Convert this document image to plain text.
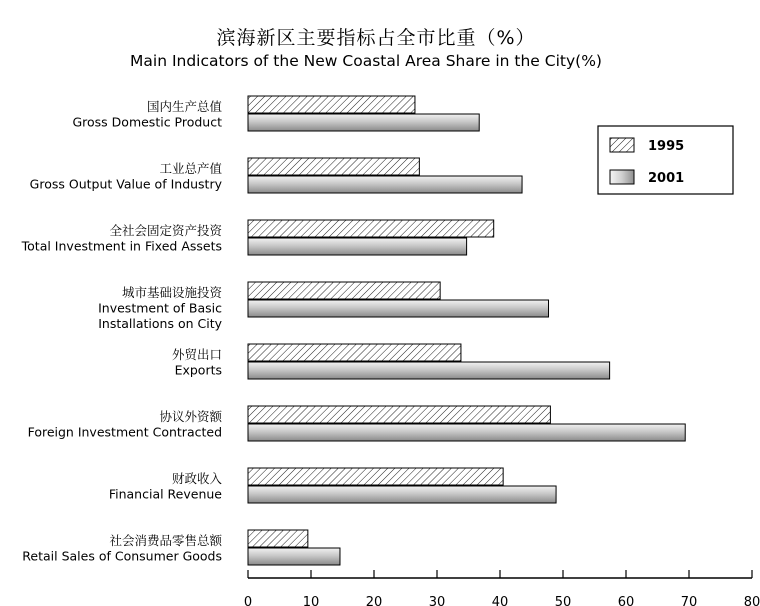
滨海新区主要指标占全市比重（%）
Main Indicators of the New Coastal Area Share in the City(%)
国内生产总值
Gross Domestic Product
工业总产值
Gross Output Value of Industry
全社会固定资产投资
Total Investment in Fixed Assets
城市基础设施投资
Investment of Basic
Installations on City
外贸出口
Exports
协议外资额
Foreign Investment Contracted
财政收入
Financial Revenue
社会消费品零售总额
Retail Sales of Consumer Goods
0	10	20	30	40	50	60	70	80
1995
2001
